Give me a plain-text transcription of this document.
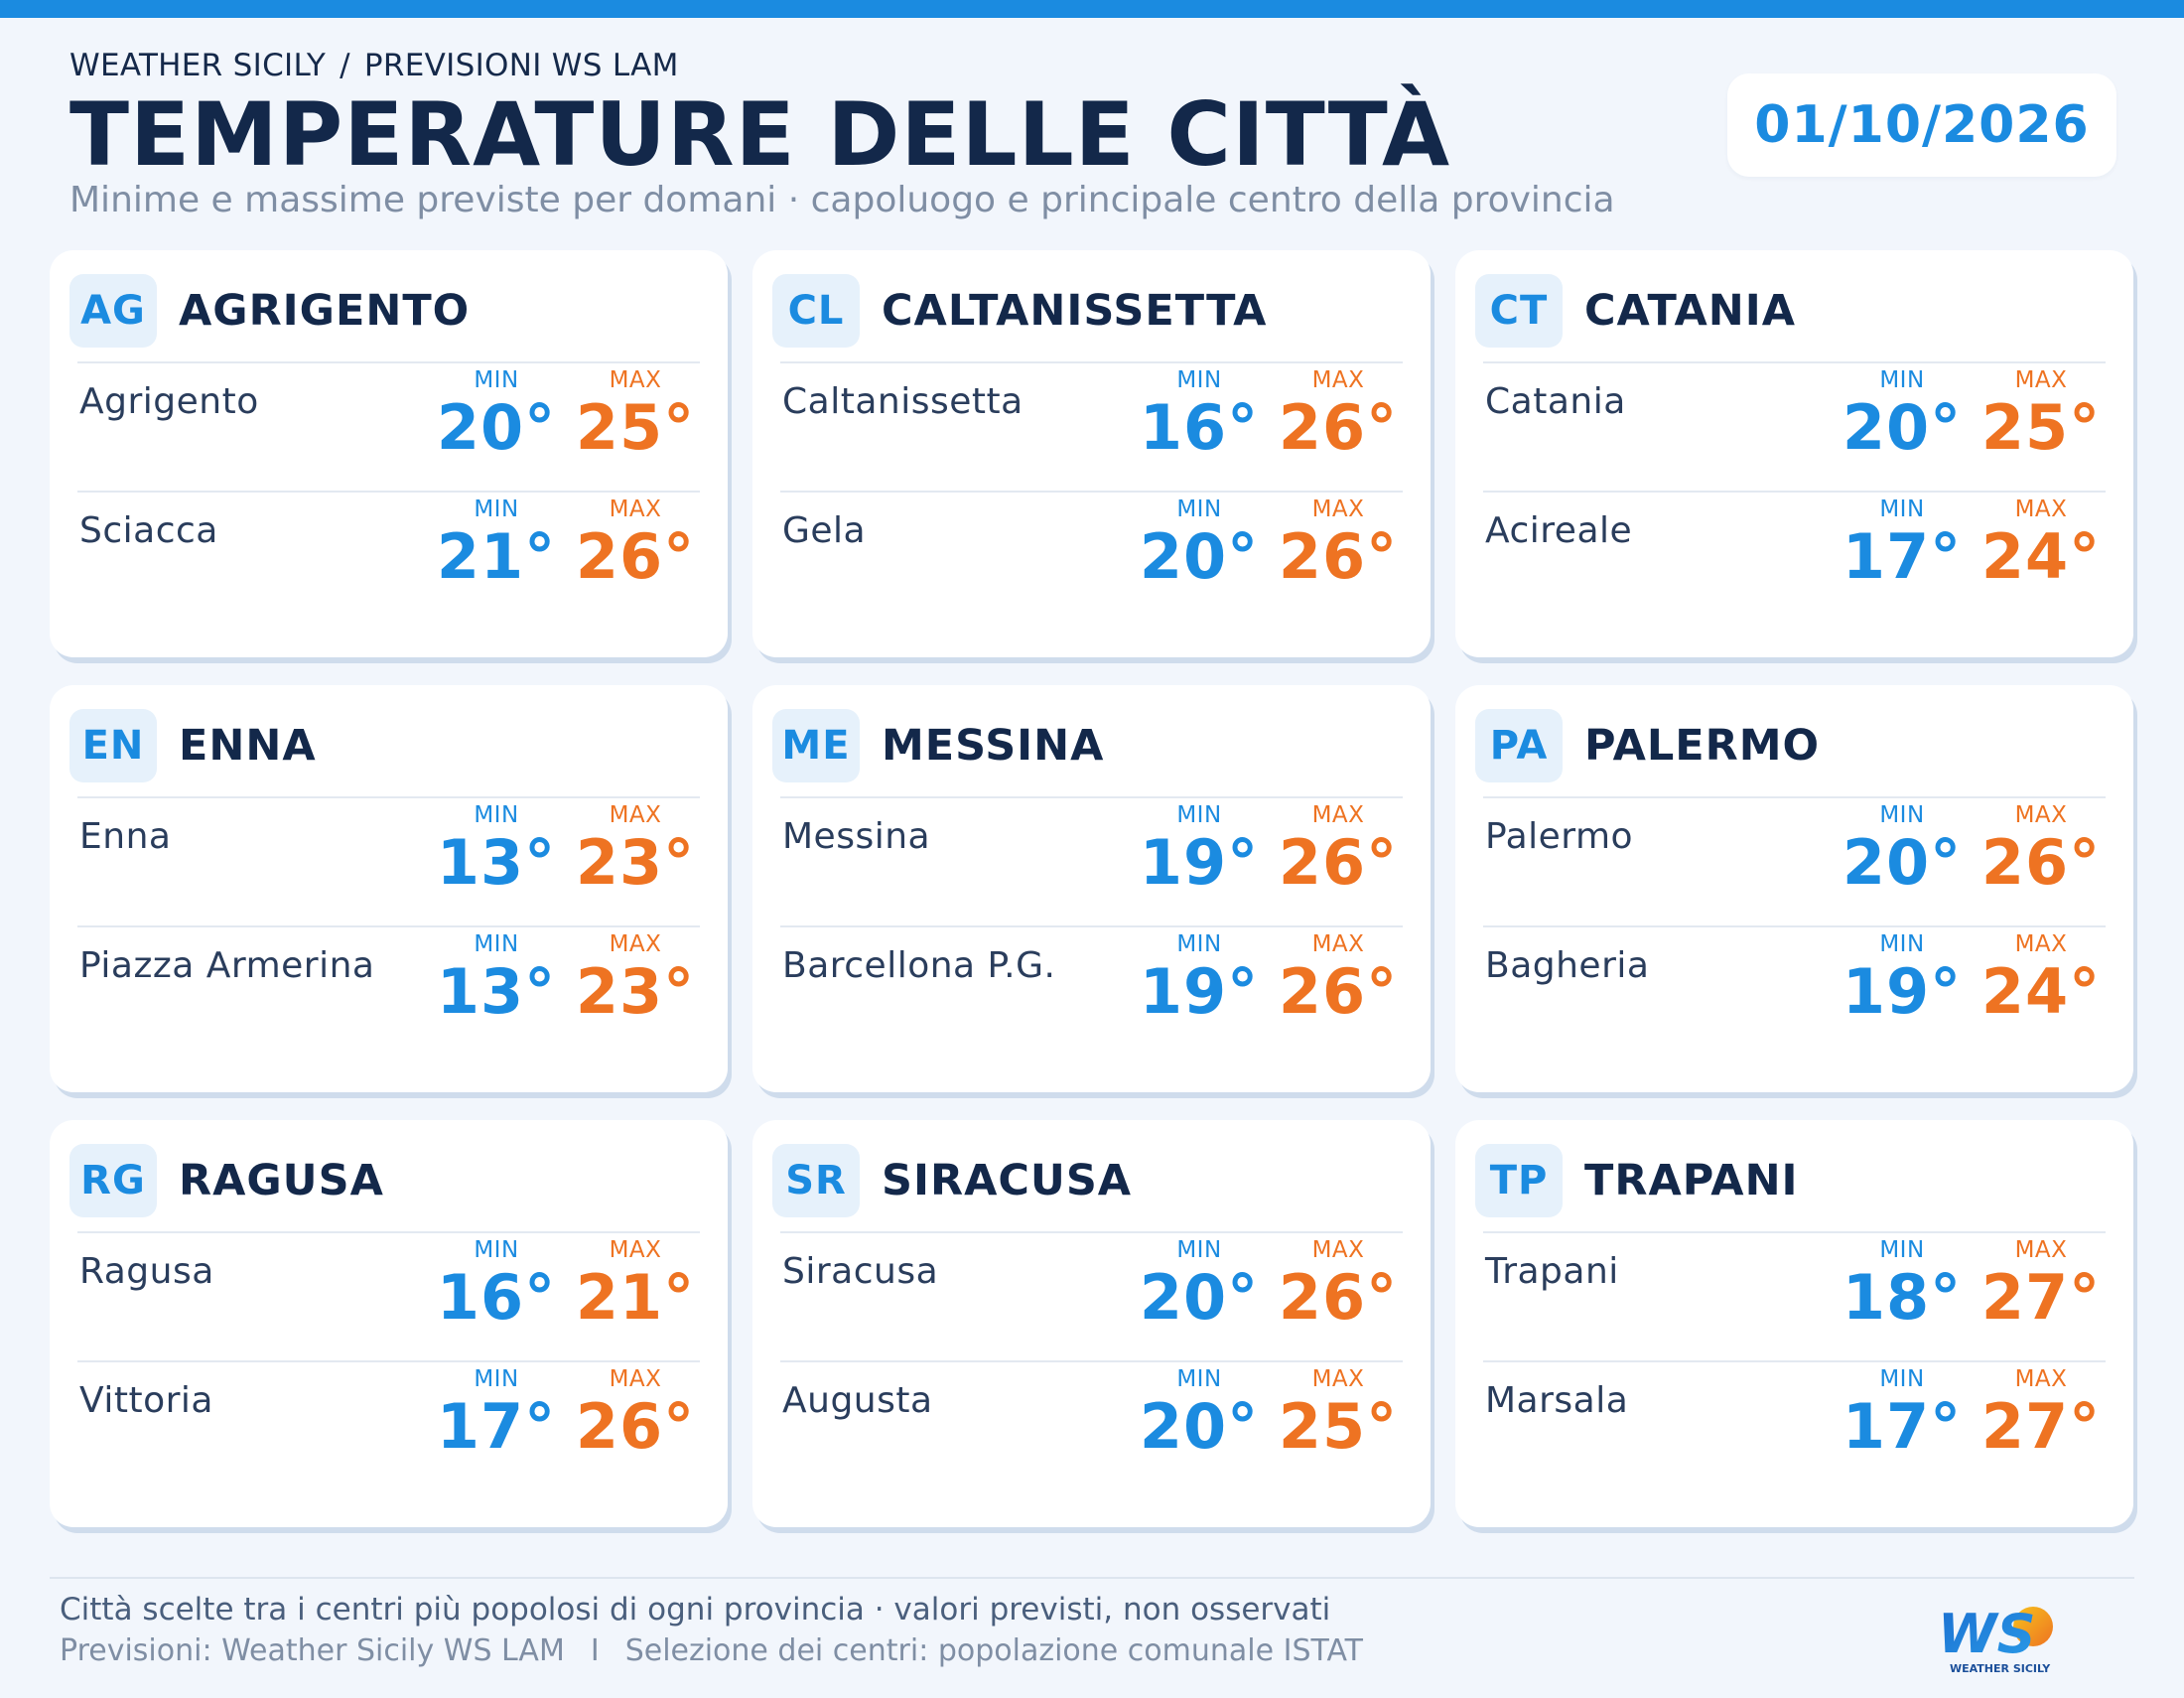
WEATHER SICILY / PREVISIONI WS LAM
TEMPERATURE DELLE CITTÀ
Minime e massime previste per domani · capoluogo e principale centro della provincia
01/10/2026
AG AGRIGENTO
Agrigento
MIN
20°
MAX
25°
Sciacca
MIN
21°
MAX
26°
CL CALTANISSETTA
Caltanissetta
MIN
16°
MAX
26°
Gela
MIN
20°
MAX
26°
CT CATANIA
Catania
MIN
20°
MAX
25°
Acireale
MIN
17°
MAX
24°
EN ENNA
Enna
MIN
13°
MAX
23°
Piazza Armerina
MIN
13°
MAX
23°
ME MESSINA
Messina
MIN
19°
MAX
26°
Barcellona P.G.
MIN
19°
MAX
26°
PA PALERMO
Palermo
MIN
20°
MAX
26°
Bagheria
MIN
19°
MAX
24°
RG RAGUSA
Ragusa
MIN
16°
MAX
21°
Vittoria
MIN
17°
MAX
26°
SR SIRACUSA
Siracusa
MIN
20°
MAX
26°
Augusta
MIN
20°
MAX
25°
TP TRAPANI
Trapani
MIN
18°
MAX
27°
Marsala
MIN
17°
MAX
27°
Città scelte tra i centri più popolosi di ogni provincia · valori previsti, non osservati
Previsioni: Weather Sicily WS LAM I Selezione dei centri: popolazione comunale ISTAT	WS
WEATHER SICILY
